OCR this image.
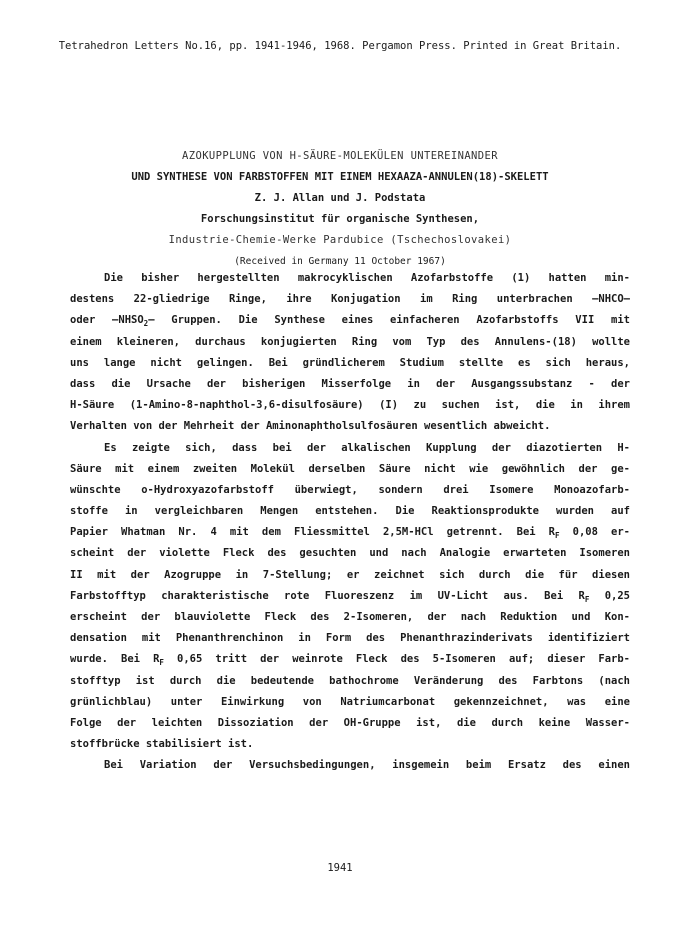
Tetrahedron Letters No.16, pp. 1941-1946, 1968. Pergamon Press. Printed in Great Britain.
AZOKUPPLUNG VON H-SÄURE-MOLEKÜLEN UNTEREINANDER
UND SYNTHESE VON FARBSTOFFEN MIT EINEM HEXAAZA-ANNULEN(18)-SKELETT
Z. J. Allan und J. Podstata
Forschungsinstitut für organische Synthesen,
Industrie-Chemie-Werke Pardubice (Tschechoslovakei)
(Received in Germany 11 October 1967)
Die bisher hergestellten makrocyklischen Azofarbstoffe (1) hatten min-
destens 22-gliedrige Ringe, ihre Konjugation im Ring unterbrachen —NHCO—
oder $—NHSO_2—$ Gruppen. Die Synthese eines einfacheren Azofarbstoffs VII mit
einem kleineren, durchaus konjugierten Ring vom Typ des Annulens-(18) wollte
uns lange nicht gelingen. Bei gründlicherem Studium stellte es sich heraus,
dass die Ursache der bisherigen Misserfolge in der Ausgangssubstanz - der
H-Säure (1-Amino-8-naphthol-3,6-disulfosäure) (I) zu suchen ist, die in ihrem
Verhalten von der Mehrheit der Aminonaphtholsulfosäuren wesentlich abweicht.
Es zeigte sich, dass bei der alkalischen Kupplung der diazotierten H-
Säure mit einem zweiten Molekül derselben Säure nicht wie gewöhnlich der ge-
wünschte o-Hydroxyazofarbstoff überwiegt, sondern drei Isomere Monoazofarb-
stoffe in vergleichbaren Mengen entstehen. Die Reaktionsprodukte wurden auf
Papier Whatman Nr. 4 mit dem Fliessmittel 2,5M-HCl getrennt. Bei $R_F$ 0,08 er-
scheint der violette Fleck des gesuchten und nach Analogie erwarteten Isomeren
II mit der Azogruppe in 7-Stellung; er zeichnet sich durch die für diesen
Farbstofftyp charakteristische rote Fluoreszenz im UV-Licht aus. Bei $R_F$ 0,25
erscheint der blauviolette Fleck des 2-Isomeren, der nach Reduktion und Kon-
densation mit Phenanthrenchinon in Form des Phenanthrazinderivats identifiziert
wurde. Bei $R_F$ 0,65 tritt der weinrote Fleck des 5-Isomeren auf; dieser Farb-
stofftyp ist durch die bedeutende bathochrome Veränderung des Farbtons (nach
grünlichblau) unter Einwirkung von Natriumcarbonat gekennzeichnet, was eine
Folge der leichten Dissoziation der OH-Gruppe ist, die durch keine Wasser-
stoffbrücke stabilisiert ist.
Bei Variation der Versuchsbedingungen, insgemein beim Ersatz des einen
1941
